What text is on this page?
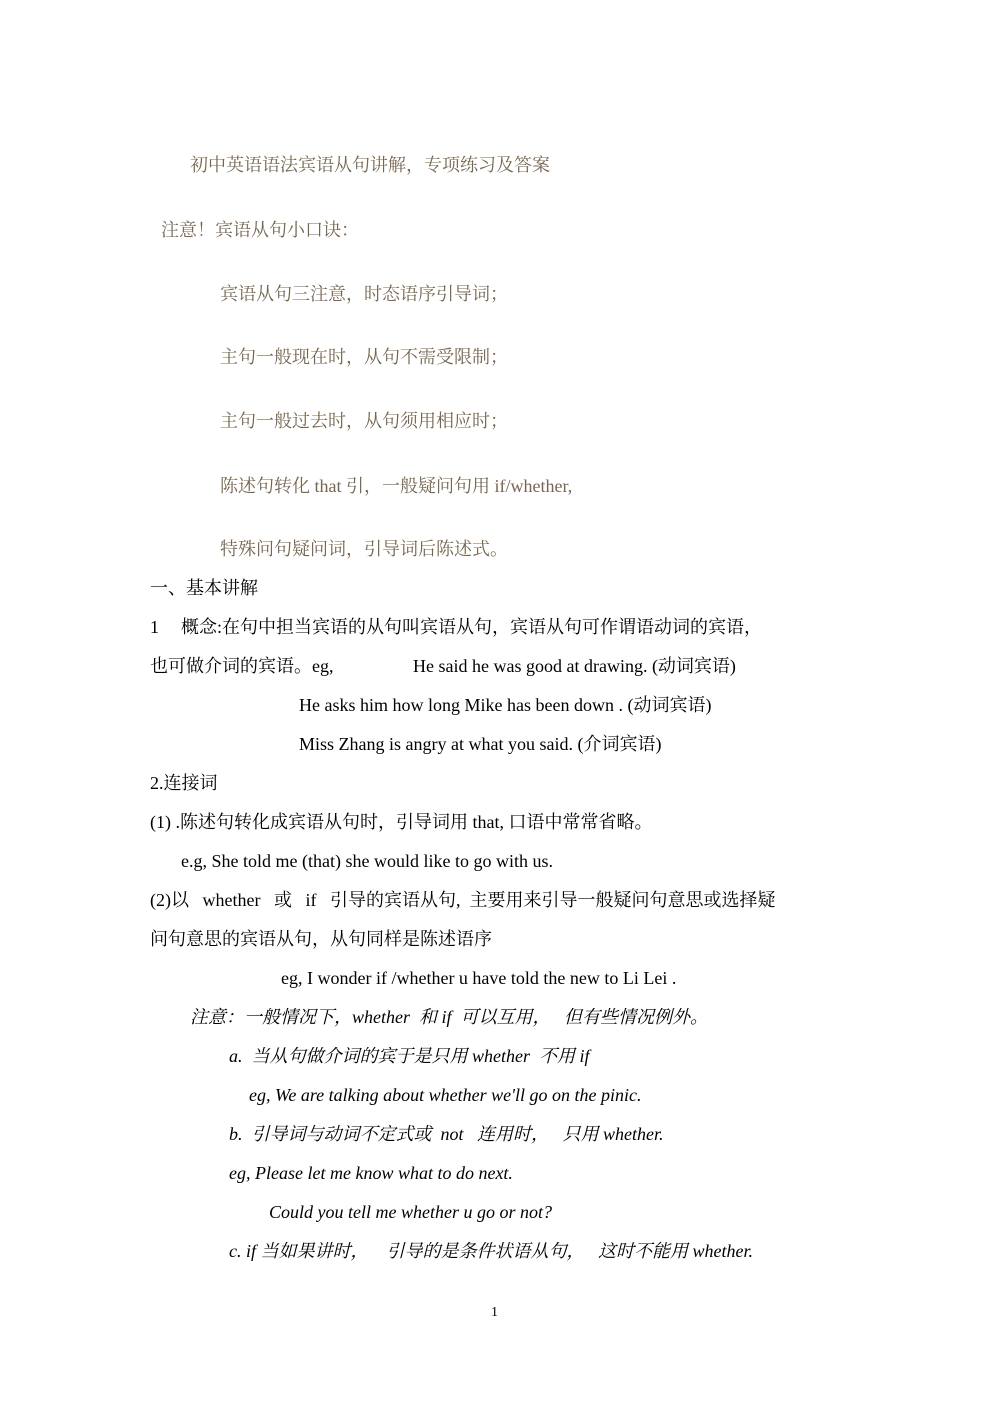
初中英语语法宾语从句讲解，专项练习及答案
注意！宾语从句小口诀：
宾语从句三注意，时态语序引导词；
主句一般现在时，从句不需受限制；
主句一般过去时，从句须用相应时；
陈述句转化 that 引，一般疑问句用 if/whether,
特殊问句疑问词，引导词后陈述式。
一、基本讲解
1 概念:在句中担当宾语的从句叫宾语从句，宾语从句可作谓语动词的宾语，
也可做介词的宾语。eg,	He said he was good at drawing. (动词宾语)
He asks him how long Mike has been down . (动词宾语)
Miss Zhang is angry at what you said. (介词宾语)
2.连接词
(1) .陈述句转化成宾语从句时，引导词用 that, 口语中常常省略。
e.g, She told me (that) she would like to go with us.
(2)以   whether   或   if   引导的宾语从句,  主要用来引导一般疑问句意思或选择疑
问句意思的宾语从句，从句同样是陈述语序
eg, I wonder if /whether u have told the new to Li Lei .
注意：一般情况下，whether  和 if  可以互用，   但有些情况例外。
a.  当从句做介词的宾于是只用 whether  不用 if
eg, We are talking about whether we'll go on the pinic.
b.  引导词与动词不定式或  not   连用时，   只用 whether.
eg, Please let me know what to do next.
Could you tell me whether u go or not?
c. if 当如果讲时，    引导的是条件状语从句，   这时不能用 whether.
1
